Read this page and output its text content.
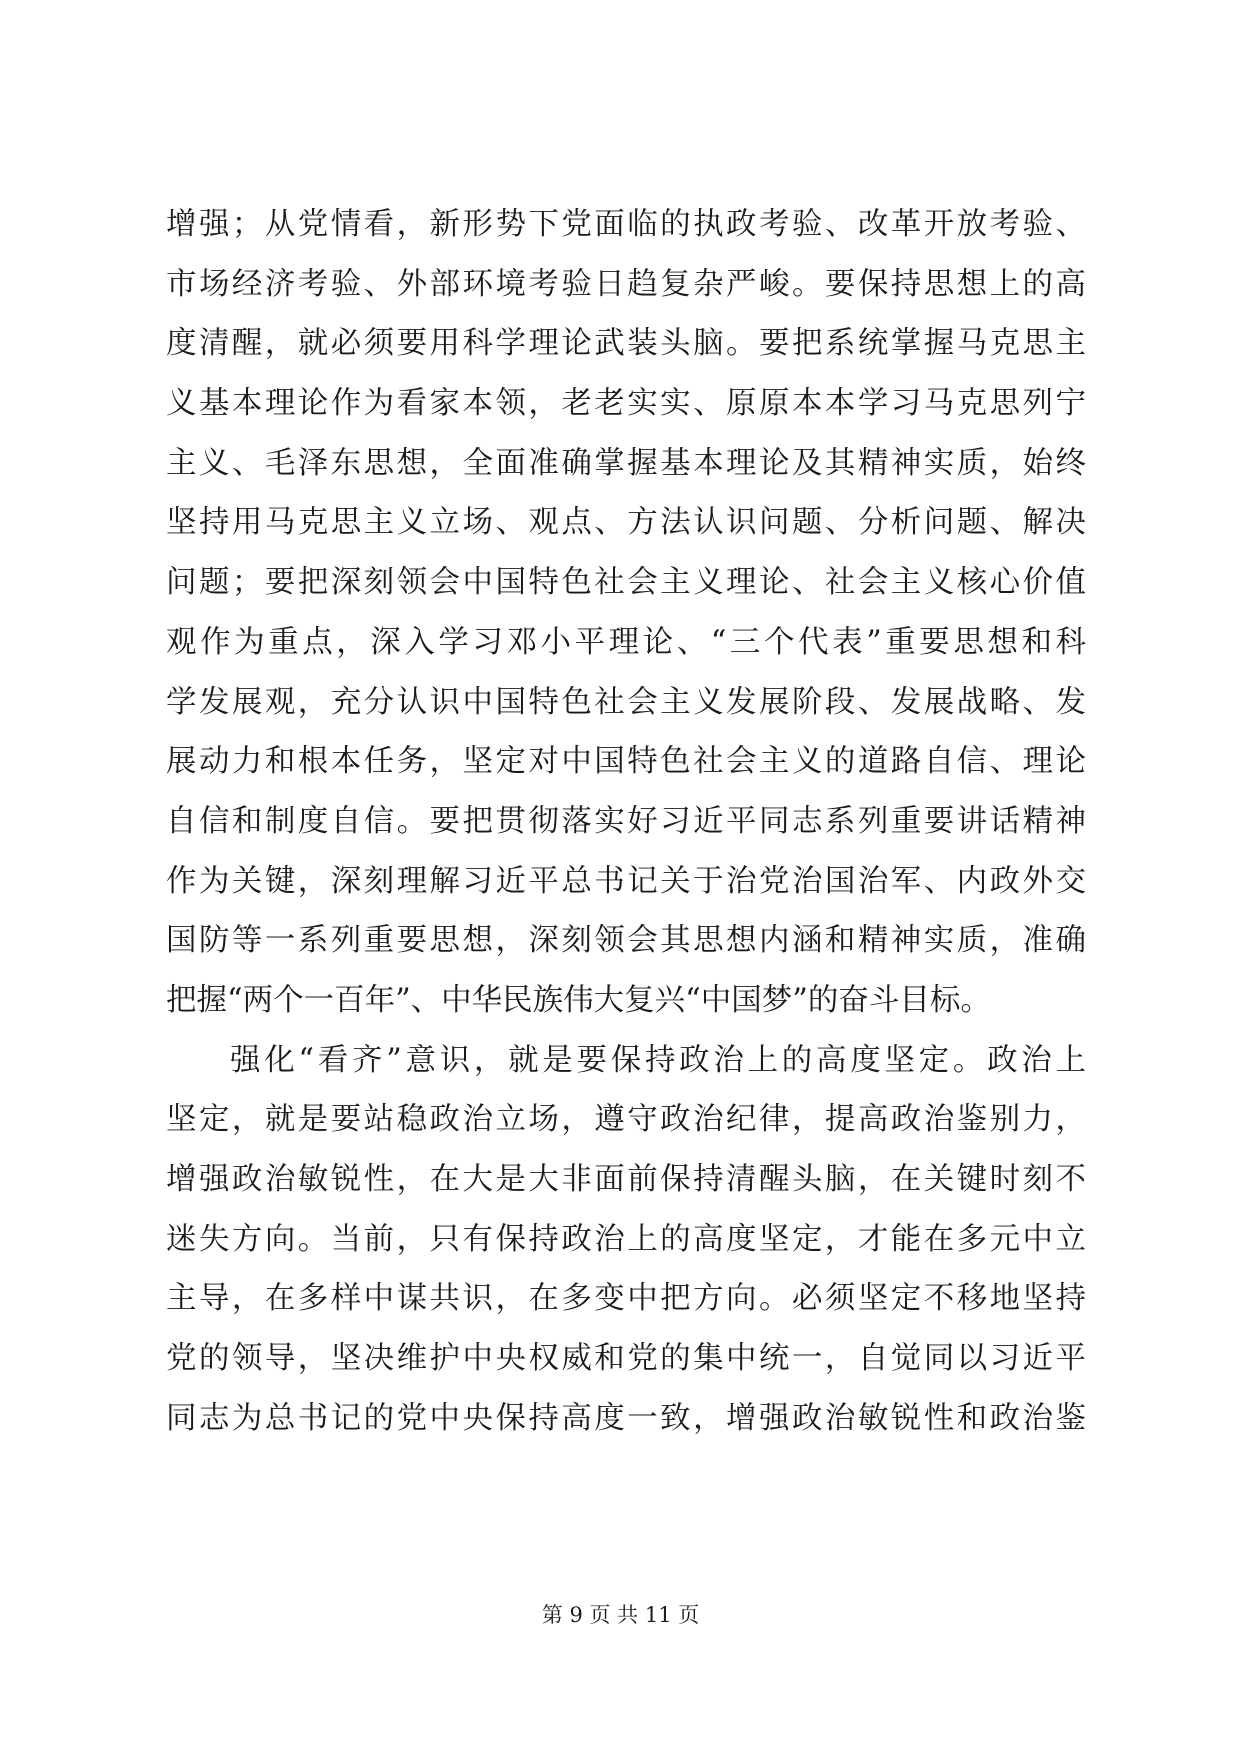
增强；从党情看，新形势下党面临的执政考验、改革开放考验、
市场经济考验、外部环境考验日趋复杂严峻。要保持思想上的高
度清醒，就必须要用科学理论武装头脑。要把系统掌握马克思主
义基本理论作为看家本领，老老实实、原原本本学习马克思列宁
主义、毛泽东思想，全面准确掌握基本理论及其精神实质，始终
坚持用马克思主义立场、观点、方法认识问题、分析问题、解决
问题；要把深刻领会中国特色社会主义理论、社会主义核心价值
观作为重点，深入学习邓小平理论、“三个代表”重要思想和科
学发展观，充分认识中国特色社会主义发展阶段、发展战略、发
展动力和根本任务，坚定对中国特色社会主义的道路自信、理论
自信和制度自信。要把贯彻落实好习近平同志系列重要讲话精神
作为关键，深刻理解习近平总书记关于治党治国治军、内政外交
国防等一系列重要思想，深刻领会其思想内涵和精神实质，准确
把握“两个一百年”、中华民族伟大复兴“中国梦”的奋斗目标。
强化“看齐”意识，就是要保持政治上的高度坚定。政治上
坚定，就是要站稳政治立场，遵守政治纪律，提高政治鉴别力，
增强政治敏锐性，在大是大非面前保持清醒头脑，在关键时刻不
迷失方向。当前，只有保持政治上的高度坚定，才能在多元中立
主导，在多样中谋共识，在多变中把方向。必须坚定不移地坚持
党的领导，坚决维护中央权威和党的集中统一，自觉同以习近平
同志为总书记的党中央保持高度一致，增强政治敏锐性和政治鉴
第 9 页 共 11 页
